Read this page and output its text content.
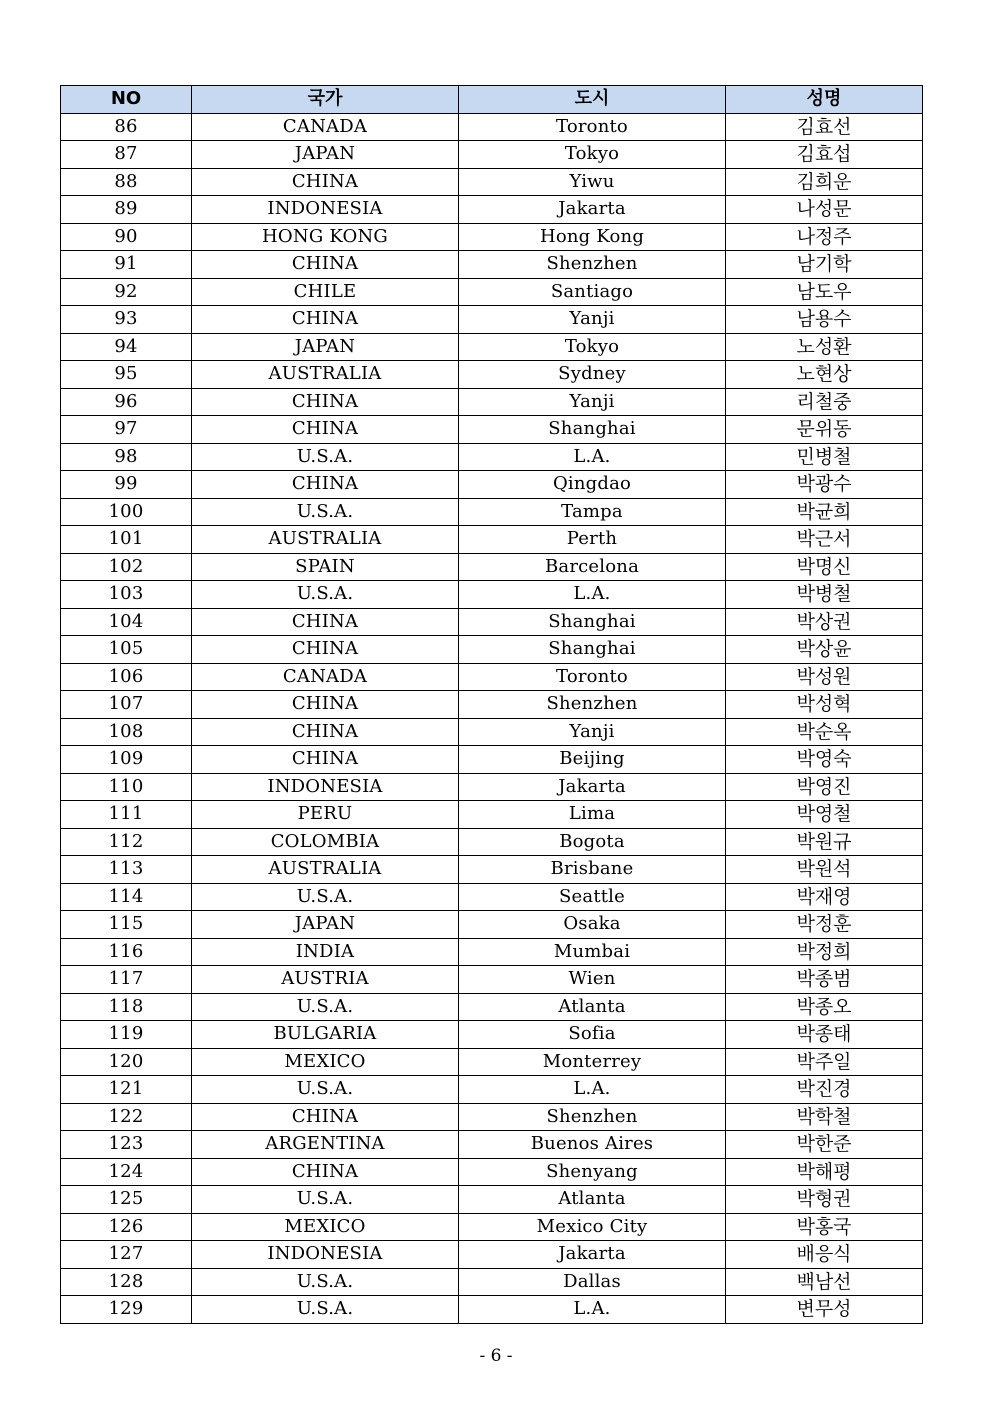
NO	국가	도시	성명
86	CANADA	Toronto	김효선
87	JAPAN	Tokyo	김효섭
88	CHINA	Yiwu	김희운
89	INDONESIA	Jakarta	나성문
90	HONG KONG	Hong Kong	나정주
91	CHINA	Shenzhen	남기학
92	CHILE	Santiago	남도우
93	CHINA	Yanji	남용수
94	JAPAN	Tokyo	노성환
95	AUSTRALIA	Sydney	노현상
96	CHINA	Yanji	리철중
97	CHINA	Shanghai	문위동
98	U.S.A.	L.A.	민병철
99	CHINA	Qingdao	박광수
100	U.S.A.	Tampa	박균희
101	AUSTRALIA	Perth	박근서
102	SPAIN	Barcelona	박명신
103	U.S.A.	L.A.	박병철
104	CHINA	Shanghai	박상권
105	CHINA	Shanghai	박상윤
106	CANADA	Toronto	박성원
107	CHINA	Shenzhen	박성혁
108	CHINA	Yanji	박순옥
109	CHINA	Beijing	박영숙
110	INDONESIA	Jakarta	박영진
111	PERU	Lima	박영철
112	COLOMBIA	Bogota	박원규
113	AUSTRALIA	Brisbane	박원석
114	U.S.A.	Seattle	박재영
115	JAPAN	Osaka	박정훈
116	INDIA	Mumbai	박정희
117	AUSTRIA	Wien	박종범
118	U.S.A.	Atlanta	박종오
119	BULGARIA	Sofia	박종태
120	MEXICO	Monterrey	박주일
121	U.S.A.	L.A.	박진경
122	CHINA	Shenzhen	박학철
123	ARGENTINA	Buenos Aires	박한준
124	CHINA	Shenyang	박해평
125	U.S.A.	Atlanta	박형권
126	MEXICO	Mexico City	박홍국
127	INDONESIA	Jakarta	배응식
128	U.S.A.	Dallas	백남선
129	U.S.A.	L.A.	변무성
- 6 -
